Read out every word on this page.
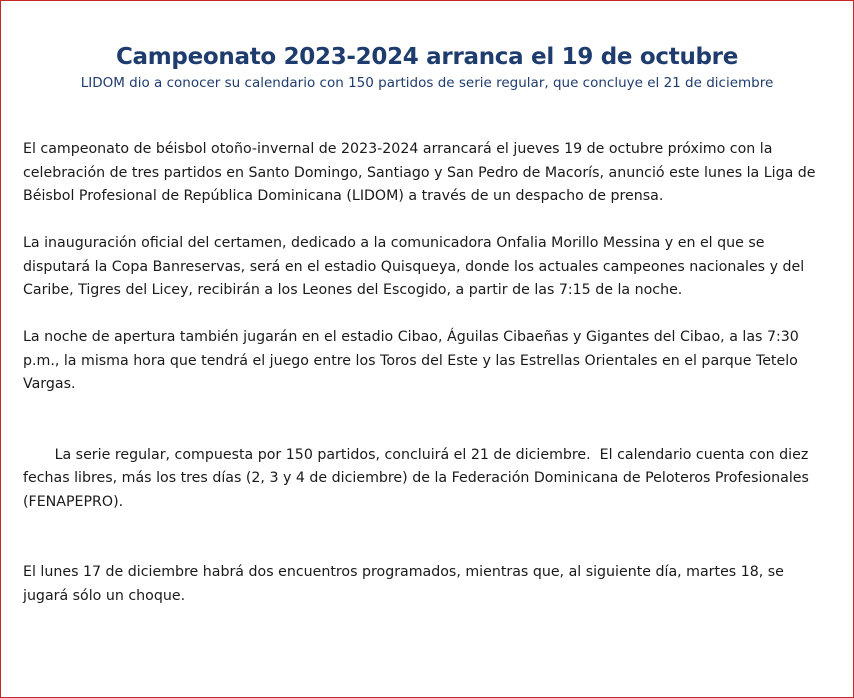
Campeonato 2023-2024 arranca el 19 de octubre

LIDOM dio a conocer su calendario con 150 partidos de serie regular, que concluye el 21 de diciembre

El campeonato de béisbol otoño-invernal de 2023-2024 arrancará el jueves 19 de octubre próximo con la celebración de tres partidos en Santo Domingo, Santiago y San Pedro de Macorís, anunció este lunes la Liga de Béisbol Profesional de República Dominicana (LIDOM) a través de un despacho de prensa.

La inauguración oficial del certamen, dedicado a la comunicadora Onfalia Morillo Messina y en el que se
disputará la Copa Banreservas, será en el estadio Quisqueya, donde los actuales campeones nacionales y del Caribe, Tigres del Licey, recibirán a los Leones del Escogido, a partir de las 7:15 de la noche.

La noche de apertura también jugarán en el estadio Cibao, Águilas Cibaeñas y Gigantes del Cibao, a las 7:30 p.m., la misma hora que tendrá el juego entre los Toros del Este y las Estrellas Orientales en el parque Tetelo Vargas.

La serie regular, compuesta por 150 partidos, concluirá el 21 de diciembre.  El calendario cuenta con diez fechas libres, más los tres días (2, 3 y 4 de diciembre) de la Federación Dominicana de Peloteros Profesionales (FENAPEPRO).

El lunes 17 de diciembre habrá dos encuentros programados, mientras que, al siguiente día, martes 18, se jugará sólo un choque.
